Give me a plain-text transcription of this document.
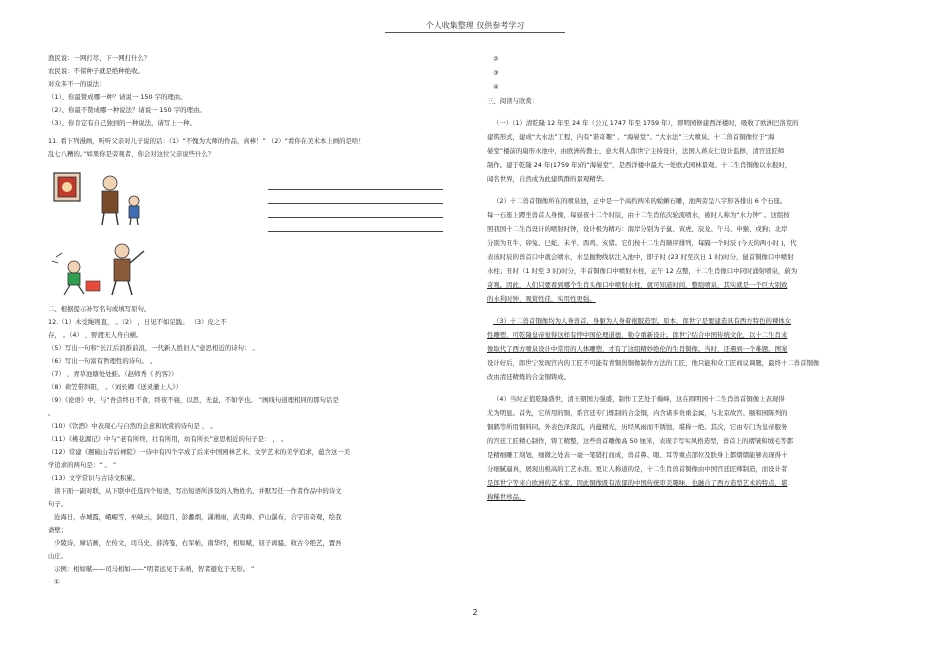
个人收集整理 仅供参考学习
渔民说：一网打尽，下一网打什么？
农民说：不留种子就是绝种绝收。
对众多不一的说法：
（1）、你最赞成哪一种？请说一 150 字的理由。
（2）、你最不赞成哪一种说法？请说一 150 字的理由。
（3）、你肯定有自己独到的一种说法，请写上一种。
11. 看下列漫画，听听父亲对儿子说的话：（1）“不愧为大师的作品，真棒！” （2）“看你在美术本上画的是啥！
乱七八糟的。”如果你是旁观者，你会对这位父亲说些什么？
二、根据提示补写名句或填写原句。
12.（1）木受绳则直， 。（2） ，日见不如足践。 （3）皮之不
存， 。（4） ，野渡无人舟自横。
（5）写出一句和“长江后浪推前浪，一代新人胜旧人”意思相近的诗句： 。
（6）写出一句富有哲理性的诗句。 。
（7） ，青草池塘处处蛙。（赵师秀《 约客》）
（8）荷笠带斜阳， 。（刘长卿《送灵澈上人》）
（9）《论语》中，与“吾尝终日不食，终夜不寝，以思，无益，不如学也。 ”画线句道理相同的那句话是
。
（10）《饮酒》中表现心与自然的会意和欣赏的诗句是 ， 。
（11）《桃花源记》中与“老有所终，壮有所用，幼有所长”意思相近的句子是： ， 。
（12）常建《题破山寺后禅院》一诗中有四个字成了后来中国园林艺术、文学艺术的美学追求，蕴含这一美
学追求的两句是：“ 。 ”
（13）文学常识与古诗文积累。
读下面一副对联，从下联中任选四个短语，写出短语所涉及的人物姓名，并默写任一作者作品中的诗文
句子。
沧海日，赤城霞，峨嵋雪，巫峡云，洞庭月，彭蠡烟，潇湘雨，武夷峰，庐山瀑布，合宇宙奇观，绘我
斋壁；
少陵诗，摩诘画，左传文，司马史，薛涛笺，右军帖，南华经，相如赋，屈子离骚，收古今绝艺，置吾
山庄。
示例：相如赋——司马相如——“明者远见于未萌，智者避危于无形。 ”
①
②
③
④
三、阅读与欣赏：
（一）（1）清乾隆 12 年至 24 年（公元 1747 年至 1759 年），即明园修建西洋楼时，吸收了欧洲巴洛克的
建筑形式，建成“大水法”工程，内有“谐奇趣” 、“海晏堂”、“大水法”三大喷泉。十二兽首铜像位于“海
晏堂”楼前的扇形水池中，由欧洲传教士，意大利人郎世宁主持设计，法国人蒋友仁设计监修，清宫廷匠师
制作。建于乾隆 24 年(1759 年)的“海晏堂”，是西洋楼中最大一处欧式园林景观。十二生肖铜像以水报时，
闻名世界，自然成为此建筑群的景观精华。
（2）十二兽首铜像所在的喷泉池，正中是一个高约两米的蛤蜊石雕，池两旁呈八字形各排出 6 个石座。
每一石座上蹲坐兽首人身像，每昼夜十二个时辰，由十二生肖依次轮流喷水，被时人称为“水力钟” 。这组按
照我国十二生肖设计的喷射时钟，设计极为精巧：南岸分别为子鼠、寅虎、辰龙、午马、申猴、戌狗；北岸
分别为丑牛、卯兔、巳蛇、未羊、酉鸡、亥猪。它们按十二生肖顺序排列，每隔一个时辰 (今天的两小时 )，代
表该时辰的兽首口中就会喷水，水呈抛物线状注入池中，即子时 (23 时至次日 1 时)时分，鼠首铜像口中喷射
水柱；丑时（1 时至 3 时)时分，牛首铜像口中喷射水柱，正午 12 点整，十二生肖像口中同时涌射喷泉，蔚为
奇观。因此，人们只要看到哪个生肖头像口中喷射水柱，就可知道时间，整组喷泉，其实就是一个巨大别致
的水利时钟，观赏性佳，实用性更强。
（3）十二兽首铜像均为人身兽首，身躯为人身着袍服造型。原本，郎世宁是要建造具有西方特色的裸体女
性雕塑，可乾隆皇帝觉得这样有悖中国伦理道德，勒令重新设计。郎世宁结合中国传统文化，以十二生肖来
像取代了西方喷泉设计中常用的人体雕塑，才有了这组精妙绝伦的生肖铜像。当时，还遇到一个难题。图案
设计好后，郎世宁发现宫内的工匠不可能有青铜兽铜像制作方法的工匠，他只能和众工匠商议调题，最终十二兽首铜像
改由清廷精炼的合金铜铸成。
（4）当时正值乾隆盛世，清王朝国力强盛，制作工艺处于巅峰，这在圆明园十二生肖兽首铜像上表现得
尤为明显。首先，它所用的铜，系宫廷专门炼制的合金铜，内含诸多贵重金属，与北京故宫、颐和园陈列的
铜鹤等所用铜料同。外表色泽深沉，内蕴精光，历经风雨而不锈蚀，堪称一绝。其次，它由专门为皇帝服务
的宫廷工匠精心制作，铸工精整，这些兽首雕像高 50 厘米，表现手写实风格造型，兽首上的褶皱和绒毛等都
是精细雕工刻划，细微之处表一毫一笔错打而成，兽首鼻、眼、耳等重点部位及肤身上都熠熠能够表现得十
分细腻逼真，展现出极高的工艺水准。更让人称道的是，十二生肖兽首铜像由中国宫廷匠师制造，而设计者
是郎世宁等来自欧洲的艺术家，因此铜像既有浓郁的中国传统审美趣味，也融合了西方造型艺术的特点，堪
称稀世珍品。
2
